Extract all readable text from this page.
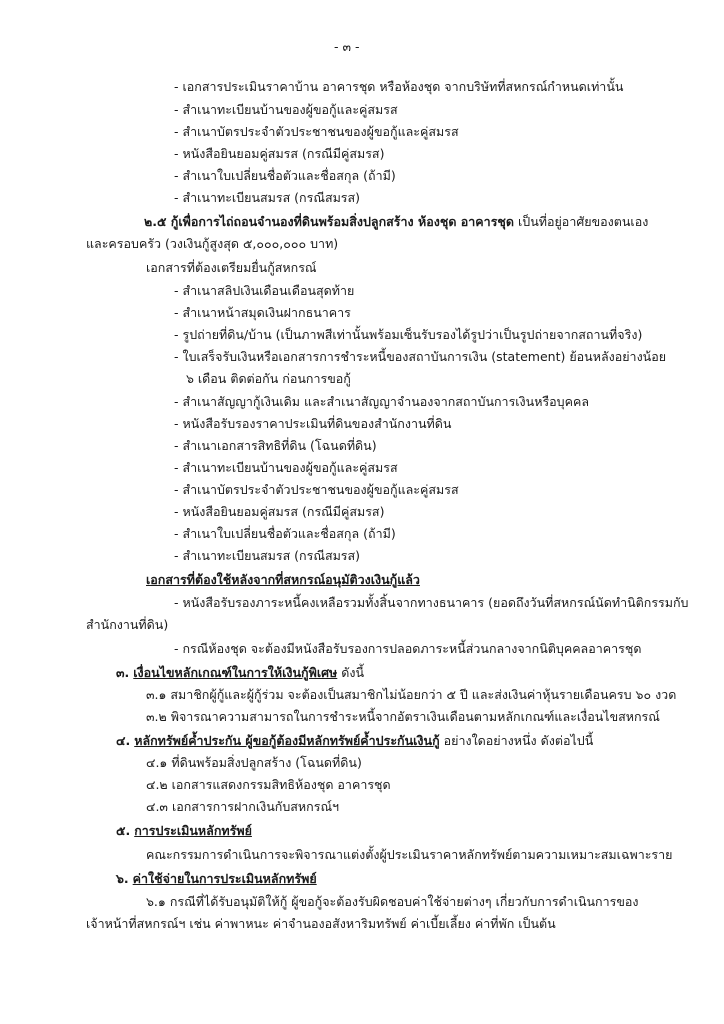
- ๓ -
- เอกสารประเมินราคาบ้าน อาคารชุด หรือห้องชุด จากบริษัทที่สหกรณ์กำหนดเท่านั้น
- สำเนาทะเบียนบ้านของผู้ขอกู้และคู่สมรส
- สำเนาบัตรประจำตัวประชาชนของผู้ขอกู้และคู่สมรส
- หนังสือยินยอมคู่สมรส (กรณีมีคู่สมรส)
- สำเนาใบเปลี่ยนชื่อตัวและชื่อสกุล (ถ้ามี)
- สำเนาทะเบียนสมรส (กรณีสมรส)
๒.๕ กู้เพื่อการไถ่ถอนจำนองที่ดินพร้อมสิ่งปลูกสร้าง ห้องชุด อาคารชุด เป็นที่อยู่อาศัยของตนเอง
และครอบครัว (วงเงินกู้สูงสุด ๕,๐๐๐,๐๐๐ บาท)
เอกสารที่ต้องเตรียมยื่นกู้สหกรณ์
- สำเนาสลิปเงินเดือนเดือนสุดท้าย
- สำเนาหน้าสมุดเงินฝากธนาคาร
- รูปถ่ายที่ดิน/บ้าน (เป็นภาพสีเท่านั้นพร้อมเซ็นรับรองได้รูปว่าเป็นรูปถ่ายจากสถานที่จริง)
- ใบเสร็จรับเงินหรือเอกสารการชำระหนี้ของสถาบันการเงิน (statement) ย้อนหลังอย่างน้อย
๖ เดือน ติดต่อกัน ก่อนการขอกู้
- สำเนาสัญญากู้เงินเดิม และสำเนาสัญญาจำนองจากสถาบันการเงินหรือบุคคล
- หนังสือรับรองราคาประเมินที่ดินของสำนักงานที่ดิน
- สำเนาเอกสารสิทธิที่ดิน (โฉนดที่ดิน)
- สำเนาทะเบียนบ้านของผู้ขอกู้และคู่สมรส
- สำเนาบัตรประจำตัวประชาชนของผู้ขอกู้และคู่สมรส
- หนังสือยินยอมคู่สมรส (กรณีมีคู่สมรส)
- สำเนาใบเปลี่ยนชื่อตัวและชื่อสกุล (ถ้ามี)
- สำเนาทะเบียนสมรส (กรณีสมรส)
เอกสารที่ต้องใช้หลังจากที่สหกรณ์อนุมัติวงเงินกู้แล้ว
- หนังสือรับรองภาระหนี้คงเหลือรวมทั้งสิ้นจากทางธนาคาร (ยอดถึงวันที่สหกรณ์นัดทำนิติกรรมกับ
สำนักงานที่ดิน)
- กรณีห้องชุด จะต้องมีหนังสือรับรองการปลอดภาระหนี้ส่วนกลางจากนิติบุคคลอาคารชุด
๓. เงื่อนไขหลักเกณฑ์ในการให้เงินกู้พิเศษ ดังนี้
๓.๑ สมาชิกผู้กู้และผู้กู้ร่วม จะต้องเป็นสมาชิกไม่น้อยกว่า ๕ ปี และส่งเงินค่าหุ้นรายเดือนครบ ๖๐ งวด
๓.๒ พิจารณาความสามารถในการชำระหนี้จากอัตราเงินเดือนตามหลักเกณฑ์และเงื่อนไขสหกรณ์
๔. หลักทรัพย์ค้ำประกัน ผู้ขอกู้ต้องมีหลักทรัพย์ค้ำประกันเงินกู้ อย่างใดอย่างหนึ่ง ดังต่อไปนี้
๔.๑ ที่ดินพร้อมสิ่งปลูกสร้าง (โฉนดที่ดิน)
๔.๒ เอกสารแสดงกรรมสิทธิห้องชุด อาคารชุด
๔.๓ เอกสารการฝากเงินกับสหกรณ์ฯ
๕. การประเมินหลักทรัพย์
คณะกรรมการดำเนินการจะพิจารณาแต่งตั้งผู้ประเมินราคาหลักทรัพย์ตามความเหมาะสมเฉพาะราย
๖. ค่าใช้จ่ายในการประเมินหลักทรัพย์
๖.๑ กรณีที่ได้รับอนุมัติให้กู้ ผู้ขอกู้จะต้องรับผิดชอบค่าใช้จ่ายต่างๆ เกี่ยวกับการดำเนินการของ
เจ้าหน้าที่สหกรณ์ฯ เช่น ค่าพาหนะ ค่าจำนองอสังหาริมทรัพย์ ค่าเบี้ยเลี้ยง ค่าที่พัก เป็นต้น
